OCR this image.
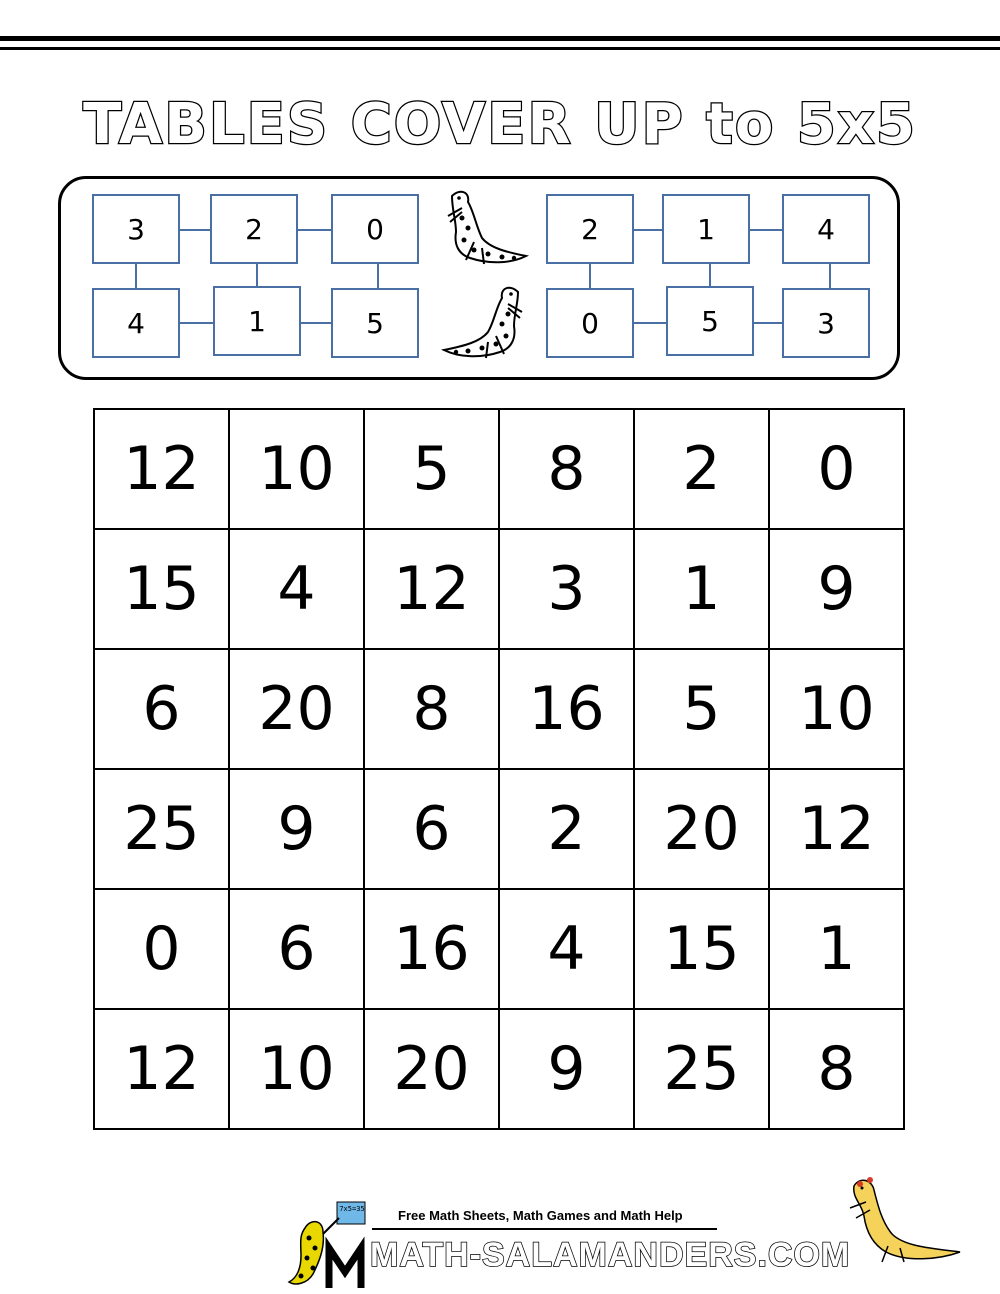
TABLES COVER UP to 5x5
3	2	0
4	1	5
2	1	4
0	5	3
12	10	5	8	2	0
15	4	12	3	1	9
6	20	8	16	5	10
25	9	6	2	20	12
0	6	16	4	15	1
12	10	20	9	25	8
7x5=35	Free Math Sheets, Math Games and Math Help
MATH-SALAMANDERS.COM
